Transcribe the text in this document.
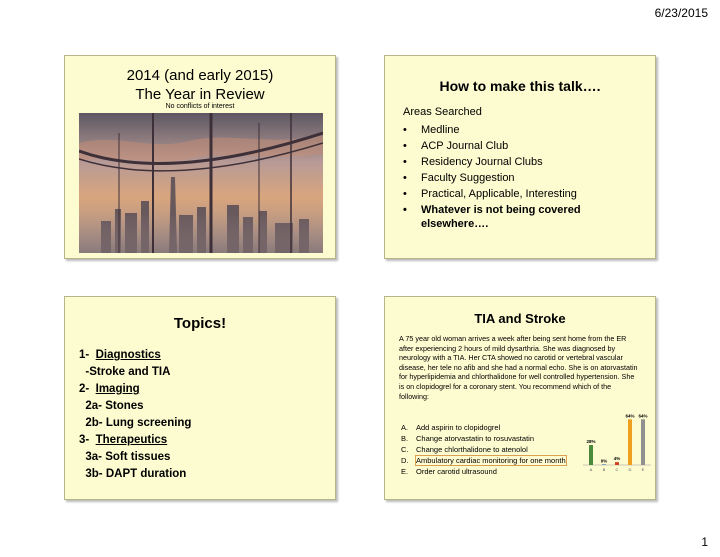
6/23/2015
2014 (and early 2015)
The Year in Review
No conflicts of interest
How to make this talk….
Areas Searched
• Medline
• ACP Journal Club
• Residency Journal Clubs
• Faculty Suggestion
• Practical, Applicable, Interesting
• Whatever is not being covered elsewhere….
Topics!
1-  Diagnostics
-Stroke and TIA
2-  Imaging
2a- Stones
2b- Lung screening
3-  Therapeutics
3a- Soft tissues
3b- DAPT duration
TIA and Stroke
A 75 year old woman arrives a week after being sent home from the ER after experiencing 2 hours of mild dysarthria. She was diagnosed by neurology with a TIA. Her CTA showed no carotid or vertebral vascular disease, her tele no afib and she had a normal echo. She is on atorvastatin for hyperlipidemia and chlorthalidone for well controlled hypertension. She is on clopidogrel for a coronary stent. You recommend which of the following:
A. Add aspirin to clopidogrel
B. Change atorvastatin to rosuvastatin
C. Change chlorthalidone to atenolol
D. Ambulatory cardiac monitoring for one month
E. Order carotid ultrasound
28%
A
0%
B
4%
C
64%
D
64%
E
1
